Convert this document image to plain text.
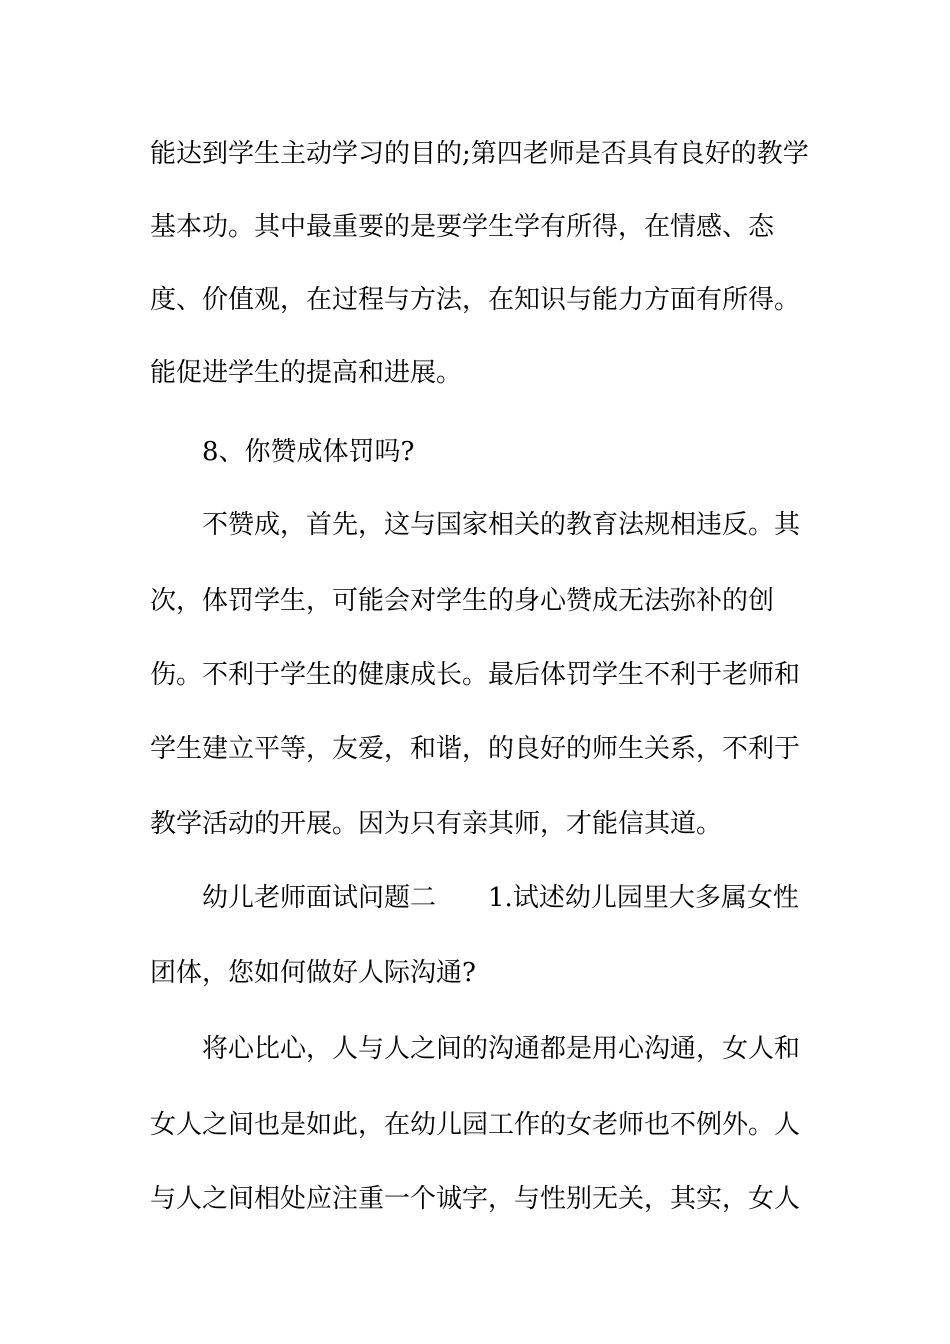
能达到学生主动学习的目的;第四老师是否具有良好的教学
基本功。其中最重要的是要学生学有所得，在情感、态
度、价值观，在过程与方法，在知识与能力方面有所得。
能促进学生的提高和进展。
8、你赞成体罚吗?
不赞成，首先，这与国家相关的教育法规相违反。其
次，体罚学生，可能会对学生的身心赞成无法弥补的创
伤。不利于学生的健康成长。最后体罚学生不利于老师和
学生建立平等，友爱，和谐，的良好的师生关系，不利于
教学活动的开展。因为只有亲其师，才能信其道。
幼儿老师面试问题二 1.试述幼儿园里大多属女性
团体，您如何做好人际沟通?
将心比心，人与人之间的沟通都是用心沟通，女人和
女人之间也是如此，在幼儿园工作的女老师也不例外。人
与人之间相处应注重一个诚字，与性别无关，其实，女人
